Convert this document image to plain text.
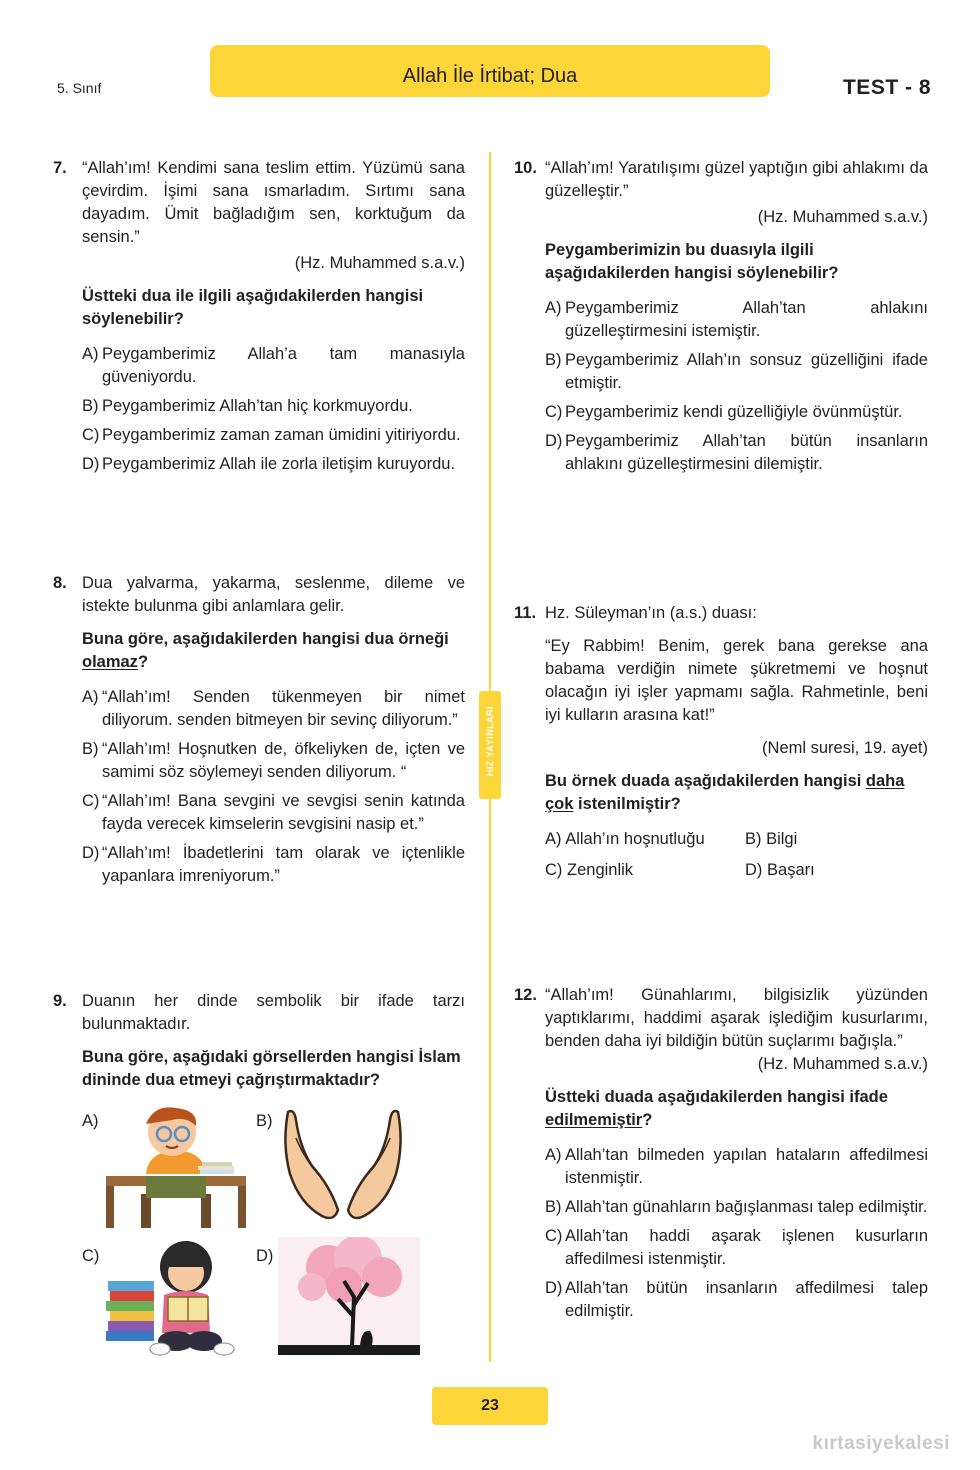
5. Sınıf
Allah İle İrtibat; Dua	TEST - 8
HIZ YAYINLARI
7. “Allah’ım! Kendimi sana teslim ettim. Yüzümü sana çevirdim. İşimi sana ısmarladım. Sırtımı sana dayadım. Ümit bağladığım sen, korktuğum da sensin.”
(Hz. Muhammed s.a.v.)
Üstteki dua ile ilgili aşağıdakilerden hangisi söylenebilir?
A) Peygamberimiz Allah’a tam manasıyla güveniyordu.
B) Peygamberimiz Allah’tan hiç korkmuyordu.
C) Peygamberimiz zaman zaman ümidini yitiriyordu.
D) Peygamberimiz Allah ile zorla iletişim kuruyordu.
8. Dua yalvarma, yakarma, seslenme, dileme ve istekte bulunma gibi anlamlara gelir.
Buna göre, aşağıdakilerden hangisi dua örneği olamaz?
A) “Allah’ım! Senden tükenmeyen bir nimet diliyorum. senden bitmeyen bir sevinç diliyorum.”
B) “Allah’ım! Hoşnutken de, öfkeliyken de, içten ve samimi söz söylemeyi senden diliyorum. “
C) “Allah’ım! Bana sevgini ve sevgisi senin katında fayda verecek kimselerin sevgisini nasip et.”
D) “Allah’ım! İbadetlerini tam olarak ve içtenlikle yapanlara imreniyorum.”
9. Duanın her dinde sembolik bir ifade tarzı bulunmaktadır.
Buna göre, aşağıdaki görsellerden hangisi İslam dininde dua etmeyi çağrıştırmaktadır?
A)	B)
C)	D)
10. “Allah’ım! Yaratılışımı güzel yaptığın gibi ahlakımı da güzelleştir.”
(Hz. Muhammed s.a.v.)
Peygamberimizin bu duasıyla ilgili aşağıdakilerden hangisi söylenebilir?
A) Peygamberimiz Allah’tan ahlakını güzelleştirmesini istemiştir.
B) Peygamberimiz Allah’ın sonsuz güzelliğini ifade etmiştir.
C) Peygamberimiz kendi güzelliğiyle övünmüştür.
D) Peygamberimiz Allah’tan bütün insanların ahlakını güzelleştirmesini dilemiştir.
11. Hz. Süleyman’ın (a.s.) duası:
“Ey Rabbim! Benim, gerek bana gerekse ana babama verdiğin nimete şükretmemi ve hoşnut olacağın iyi işler yapmamı sağla. Rahmetinle, beni iyi kulların arasına kat!”
(Neml suresi, 19. ayet)
Bu örnek duada aşağıdakilerden hangisi daha çok istenilmiştir?
A) Allah’ın hoşnutluğu	B) Bilgi
C) Zenginlik	D) Başarı
12. “Allah’ım! Günahlarımı, bilgisizlik yüzünden yaptıklarımı, haddimi aşarak işlediğim kusurlarımı, benden daha iyi bildiğin bütün suçlarımı bağışla.”
(Hz. Muhammed s.a.v.)
Üstteki duada aşağıdakilerden hangisi ifade edilmemiştir?
A) Allah’tan bilmeden yapılan hataların affedilmesi istenmiştir.
B) Allah’tan günahların bağışlanması talep edilmiştir.
C) Allah’tan haddi aşarak işlenen kusurların affedilmesi istenmiştir.
D) Allah’tan bütün insanların affedilmesi talep edilmiştir.
23
kırtasiyekalesi
